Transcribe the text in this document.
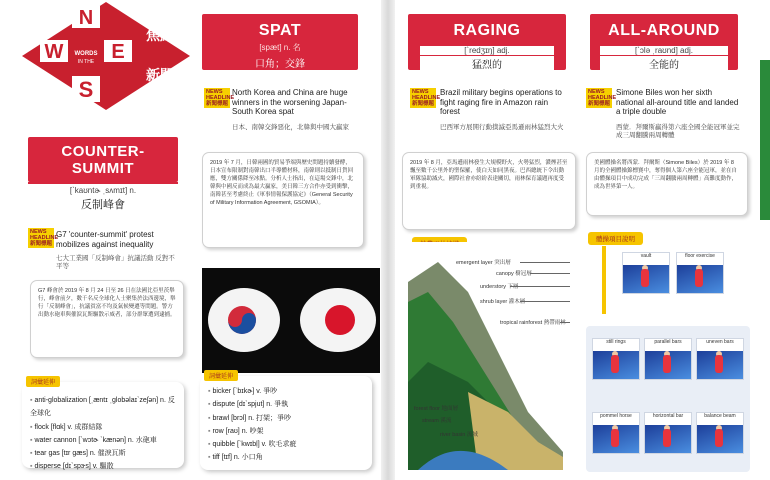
N
W E
S
WORDS
IN THE
焦點
新聞
COUNTER-
SUMMIT
[ˋkaʊntɚ ˌsʌmɪt] n.
反制峰會
NEWS HEADLINE 新聞標題
G7 'counter-summit' protest mobilizes against inequality
七大工業國「反制峰會」抗議活動 反對不平等
G7 峰會於 2019 年 8 月 24 日至 26 日在法國比亞里茨舉行，峰會前夕，數千名反全球化人士聚集於法西邊境，舉行「反制峰會」，抗議貧富不均及氣候變遷等問題。警方出動水砲車與催淚瓦斯驅散示威者，部分群眾遭到逮捕。
詞彙延伸
▪ anti-globalization [ˌæntɪ ˌɡlobəlaɪˋzeʃən] n. 反全球化
▪ flock [flɑk] v. 成群結隊
▪ water cannon [ˋwɔtɚ ˋkænən] n. 水砲車
▪ tear gas [tɪr ɡæs] n. 催淚瓦斯
▪ disperse [dɪˋspɝs] v. 驅散
SPAT
[spæt] n. 名
口角；交鋒
NEWS HEADLINE 新聞標題
North Korea and China are huge winners in the worsening Japan-South Korea spat
日本、南韓交鋒惡化，北韓與中國大贏家
2019 年 7 月，日韓兩國的貿易爭端與歷史問題持續發酵，日本宣布限制對南韓出口半導體材料，南韓則以抵制日貨回應，雙方關係降至冰點。分析人士指出，在這場交鋒中，北韓與中國反而成為最大贏家，美日韓三方合作亦受到衝擊，南韓甚至考慮終止《軍事情報保護協定》（General Security of Military Information Agreement, GSOMIA）。
詞彙延伸
▪ bicker [ˋbɪkɚ] v. 爭吵
▪ dispute [dɪˋspjut] n. 爭執
▪ brawl [brɔl] n. 打架；爭吵
▪ row [raʊ] n. 吵架
▪ quibble [ˋkwɪbḷ] v. 吹毛求疵
▪ tiff [tɪf] n. 小口角
RAGING
[ˋredʒɪŋ] adj.
猛烈的
NEWS HEADLINE 新聞標題
Brazil military begins operations to fight raging fire in Amazon rain forest
巴西軍方展開行動撲滅亞馬遜雨林猛烈大火
2019 年 8 月，亞馬遜雨林發生大規模野火，火勢猛烈，濃煙甚至飄至數千公里外的聖保羅，使白天如同黑夜。巴西總統下令出動軍隊協助滅火，國際社會亦紛紛表達關切，雨林保育議題再度受到重視。
emergent layer 突出層
canopy 樹冠層
understory 下層
shrub layer 灌木層
tropical rainforest 熱帶雨林
forest floor 地面層
stream 溪流
river basin 流域
ALL-AROUND
[ˋɔlə ˌraʊnd] adj.
全能的
NEWS HEADLINE 新聞標題
Simone Biles won her sixth national all-around title and landed a triple double
西蒙．拜爾斯贏得第六座全國全能冠軍並完成三周翻騰兩周轉體
美國體操名將西蒙．拜爾斯（Simone Biles）於 2019 年 8 月的全國體操錦標賽中，奪得個人第六座全能冠軍，並在自由體操項目中成功完成「三周翻騰兩周轉體」高難度動作，成為世界第一人。
體操項目說明
vault	floor exercise
still rings	parallel bars	uneven bars
pommel horse	horizontal bar	balance beam
